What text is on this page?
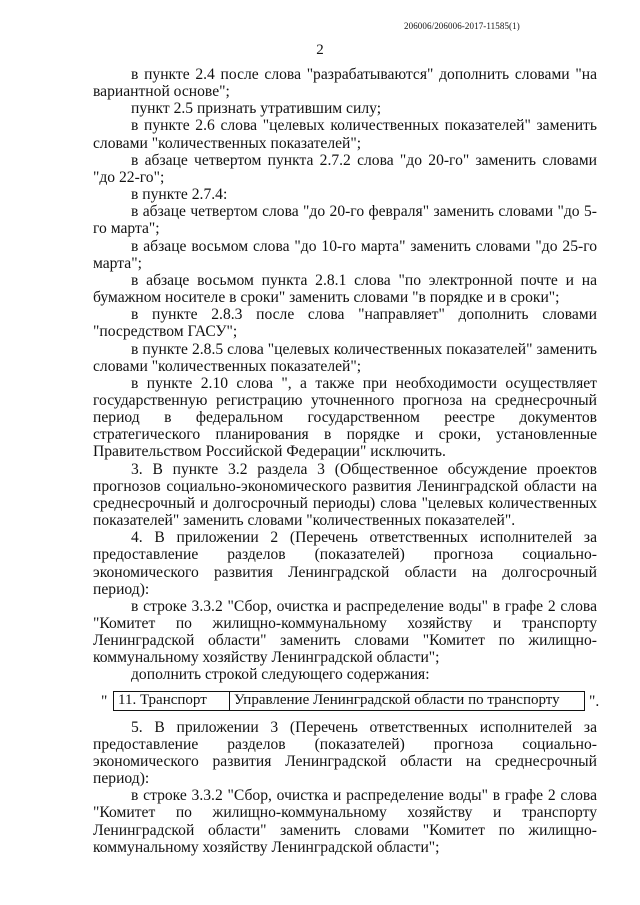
206006/206006-2017-11585(1)
2

в пункте 2.4 после слова "разрабатываются" дополнить словами "на вариантной основе";

пункт 2.5 признать утратившим силу;

в пункте 2.6 слова "целевых количественных показателей" заменить словами "количественных показателей";

в абзаце четвертом пункта 2.7.2 слова "до 20-го" заменить словами "до 22-го";

в пункте 2.7.4:

в абзаце четвертом слова "до 20-го февраля" заменить словами "до 5-го марта";

в абзаце восьмом слова "до 10-го марта" заменить словами "до 25-го марта";

в абзаце восьмом пункта 2.8.1 слова "по электронной почте и на бумажном носителе в сроки" заменить словами "в порядке и в сроки";

в пункте 2.8.3 после слова "направляет" дополнить словами "посредством ГАСУ";

в пункте 2.8.5 слова "целевых количественных показателей" заменить словами "количественных показателей";

в пункте 2.10 слова ", а также при необходимости осуществляет государственную регистрацию уточненного прогноза на среднесрочный период в федеральном государственном реестре документов стратегического планирования в порядке и сроки, установленные Правительством Российской Федерации" исключить.

3. В пункте 3.2 раздела 3 (Общественное обсуждение проектов прогнозов социально-экономического развития Ленинградской области на среднесрочный и долгосрочный периоды) слова "целевых количественных показателей" заменить словами "количественных показателей".

4. В приложении 2 (Перечень ответственных исполнителей за предоставление разделов (показателей) прогноза социально-экономического развития Ленинградской области на долгосрочный период):

в строке 3.3.2 "Сбор, очистка и распределение воды" в графе 2 слова "Комитет по жилищно-коммунальному хозяйству и транспорту Ленинградской области" заменить словами "Комитет по жилищно-коммунальному хозяйству Ленинградской области";

дополнить строкой следующего содержания:

" 11. Транспорт	Управление Ленинградской области по транспорту ".

5. В приложении 3 (Перечень ответственных исполнителей за предоставление разделов (показателей) прогноза социально-экономического развития Ленинградской области на среднесрочный период):

в строке 3.3.2 "Сбор, очистка и распределение воды" в графе 2 слова "Комитет по жилищно-коммунальному хозяйству и транспорту Ленинградской области" заменить словами "Комитет по жилищно-коммунальному хозяйству Ленинградской области";
